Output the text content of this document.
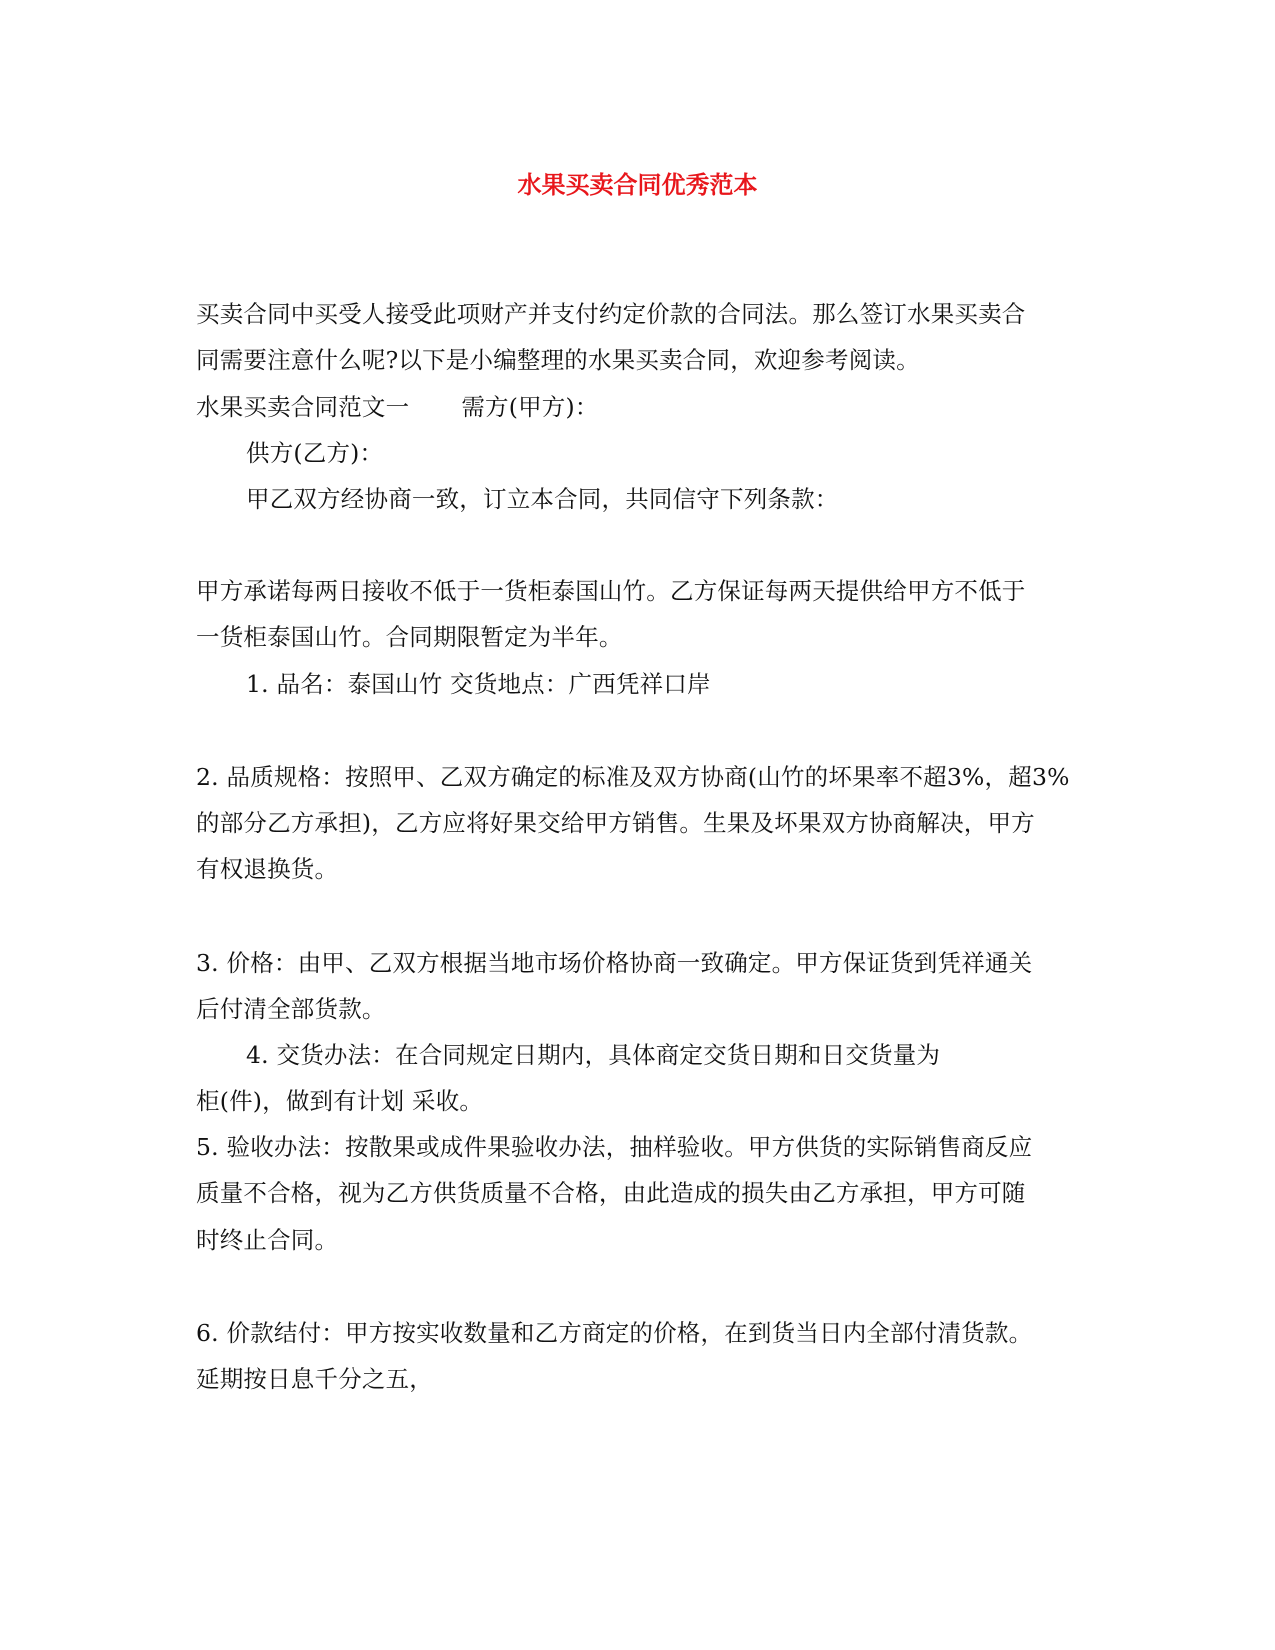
水果买卖合同优秀范本
买卖合同中买受人接受此项财产并支付约定价款的合同法。那么签订水果买卖合
同需要注意什么呢?以下是小编整理的水果买卖合同，欢迎参考阅读。
水果买卖合同范文一 需方(甲方)：
供方(乙方)：
甲乙双方经协商一致，订立本合同，共同信守下列条款：
甲方承诺每两日接收不低于一货柜泰国山竹。乙方保证每两天提供给甲方不低于
一货柜泰国山竹。合同期限暂定为半年。
1. 品名：泰国山竹 交货地点：广西凭祥口岸
2. 品质规格：按照甲、乙双方确定的标准及双方协商(山竹的坏果率不超3%，超3%
的部分乙方承担)，乙方应将好果交给甲方销售。生果及坏果双方协商解决，甲方
有权退换货。
3. 价格：由甲、乙双方根据当地市场价格协商一致确定。甲方保证货到凭祥通关
后付清全部货款。
4. 交货办法：在合同规定日期内，具体商定交货日期和日交货量为
柜(件)，做到有计划 采收。
5. 验收办法：按散果或成件果验收办法，抽样验收。甲方供货的实际销售商反应
质量不合格，视为乙方供货质量不合格，由此造成的损失由乙方承担，甲方可随
时终止合同。
6. 价款结付：甲方按实收数量和乙方商定的价格，在到货当日内全部付清货款。
延期按日息千分之五，
